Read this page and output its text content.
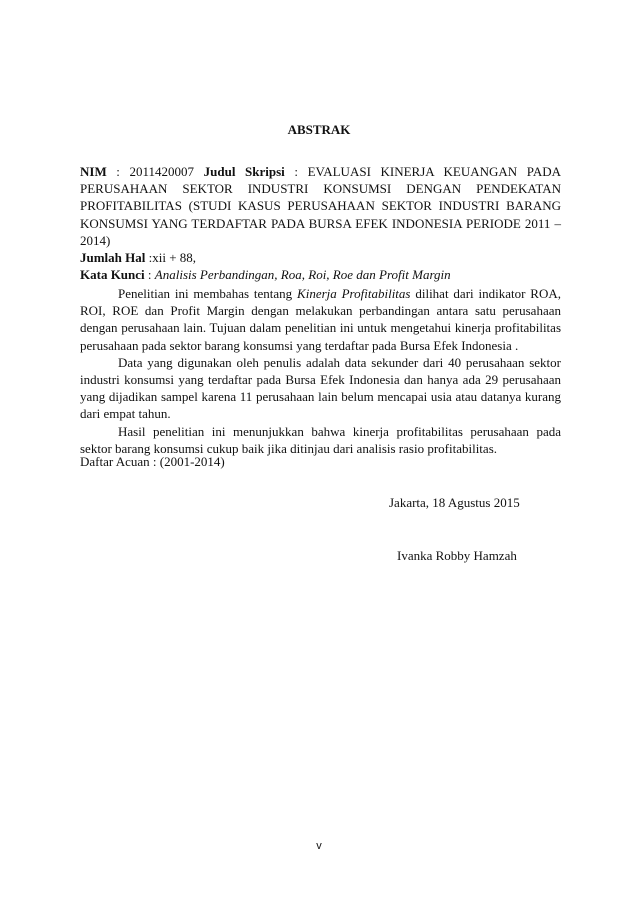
ABSTRAK

NIM : 2011420007 Judul Skripsi : EVALUASI KINERJA KEUANGAN PADA PERUSAHAAN SEKTOR INDUSTRI KONSUMSI DENGAN PENDEKATAN PROFITABILITAS (STUDI KASUS PERUSAHAAN SEKTOR INDUSTRI BARANG KONSUMSI YANG TERDAFTAR PADA BURSA EFEK INDONESIA PERIODE 2011 – 2014)

Jumlah Hal :xii + 88,

Kata Kunci : Analisis Perbandingan, Roa, Roi, Roe dan Profit Margin

Penelitian ini membahas tentang Kinerja Profitabilitas dilihat dari indikator ROA, ROI, ROE dan Profit Margin dengan melakukan perbandingan antara satu perusahaan dengan perusahaan lain. Tujuan dalam penelitian ini untuk mengetahui kinerja profitabilitas perusahaan pada sektor barang konsumsi yang terdaftar pada Bursa Efek Indonesia .

Data yang digunakan oleh penulis adalah data sekunder dari 40 perusahaan sektor industri konsumsi yang terdaftar pada Bursa Efek Indonesia dan hanya ada 29 perusahaan yang dijadikan sampel karena 11 perusahaan lain belum mencapai usia atau datanya kurang dari empat tahun.

Hasil penelitian ini menunjukkan bahwa kinerja profitabilitas perusahaan pada sektor barang konsumsi cukup baik jika ditinjau dari analisis rasio profitabilitas.

Daftar Acuan : (2001-2014)
Jakarta, 18 Agustus 2015
Ivanka Robby Hamzah
v
